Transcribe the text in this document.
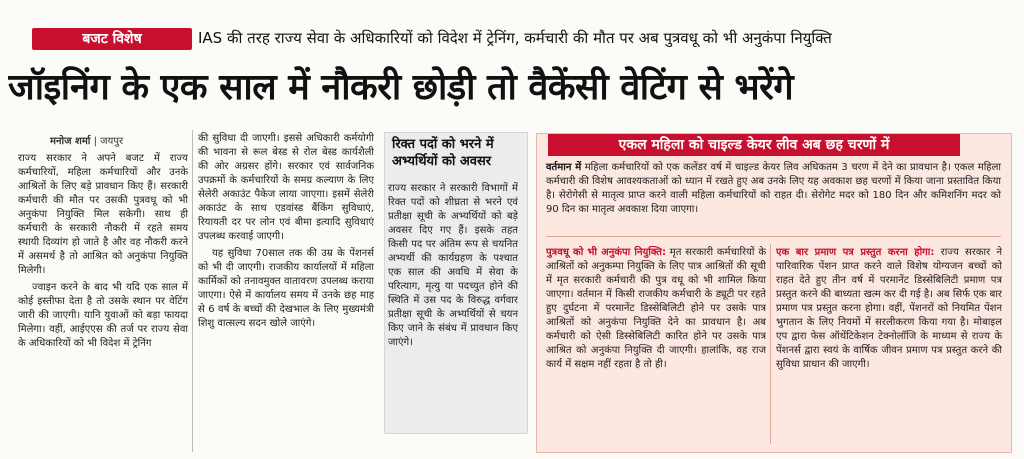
बजट विशेष	IAS की तरह राज्य सेवा के अधिकारियों को विदेश में ट्रेनिंग, कर्मचारी की मौत पर अब पुत्रवधू को भी अनुकंपा नियुक्ति
जॉइनिंग के एक साल में नौकरी छोड़ी तो वैकेंसी वेटिंग से भरेंगे
मनोज शर्मा | जयपुर

राज्य सरकार ने अपने बजट में राज्य कर्मचारियों, महिला कर्मचारियों और उनके आश्रितों के लिए बड़े प्रावधान किए हैं। सरकारी कर्मचारी की मौत पर उसकी पुत्रवधू को भी अनुकंपा नियुक्ति मिल सकेगी। साथ ही कर्मचारी के सरकारी नौकरी में रहते समय स्थायी दिव्यांग हो जाते है और वह नौकरी करने में असमर्थ है तो आश्रित को अनुकंपा नियुक्ति मिलेगी।

ज्वाइन करने के बाद भी यदि एक साल में कोई इस्तीफा देता है तो उसके स्थान पर वेटिंग जारी की जाएगी। यानि युवाओं को बड़ा फायदा मिलेगा। वहीं, आईएएस की तर्ज पर राज्य सेवा के अधिकारियों को भी विदेश में ट्रेनिंग

की सुविधा दी जाएगी। इससे अधिकारी कर्मयोगी की भावना से रूल बेस्ड से रोल बेस्ड कार्यशैली की ओर अग्रसर होंगे। सरकार एवं सार्वजनिक उपक्रमों के कर्मचारियों के समग्र कल्याण के लिए सेलेरी अकाउंट पैकेज लाया जाएगा। इसमें सेलेरी अकाउंट के साथ एडवांस्ड बैंकिंग सुविधाएं, रियायती दर पर लोन एवं बीमा इत्यादि सुविधाएं उपलब्ध करवाई जाएगी।

यह सुविधा 70साल तक की उम्र के पेंशनर्स को भी दी जाएगी। राजकीय कार्यालयों में महिला कार्मिकों को तनावमुक्त वातावरण उपलब्ध कराया जाएगा। ऐसे में कार्यालय समय में उनके छह माह से 6 वर्ष के बच्चों की देखभाल के लिए मुख्यमंत्री शिशु वात्सल्य सदन खोले जाएंगे।

रिक्त पदों को भरने में अभ्यर्थियों को अवसर

राज्य सरकार ने सरकारी विभागों में रिक्त पदों को शीघ्रता से भरने एवं प्रतीक्षा सूची के अभ्यर्थियों को बड़े अवसर दिए गए हैं। इसके तहत किसी पद पर अंतिम रूप से चयनित अभ्यर्थी की कार्यग्रहण के पश्चात एक साल की अवधि में सेवा के परित्याग, मृत्यु या पदच्युत होने की स्थिति में उस पद के विरुद्ध वर्गवार प्रतीक्षा सूची के अभ्यर्थियों से चयन किए जाने के संबंध में प्रावधान किए जाएंगे।

एकल महिला को चाइल्ड केयर लीव अब छह चरणों में
वर्तमान में महिला कर्मचारियों को एक कलेंडर वर्ष में चाइल्ड केयर लिव अधिकतम 3 चरण में देने का प्रावधान है। एकल महिला कर्मचारी की विशेष आवश्यकताओं को ध्यान में रखते हुए अब उनके लिए यह अवकाश छह चरणों में किया जाना प्रस्तावित किया है। सेरोगेसी से मातृत्व प्राप्त करने वाली महिला कर्मचारियों को राहत दी। सेरोगेट मदर को 180 दिन और कमिशनिंग मदर को 90 दिन का मातृत्व अवकाश दिया जाएगा।
पुत्रवधू को भी अनुकंपा नियुक्ति: मृत सरकारी कर्मचारियों के आश्रितों को अनुकम्पा नियुक्ति के लिए पात्र आश्रितों की सूची में मृत सरकारी कर्मचारी की पुत्र वधू को भी शामिल किया जाएगा। वर्तमान में किसी राजकीय कर्मचारी के ड्यूटी पर रहते हुए दुर्घटना में परमानेंट डिस्सेबिलिटी होने पर उसके पात्र आश्रितों को अनुकंपा नियुक्ति देने का प्रावधान है। अब कर्मचारी को ऐसी डिस्सेबिलिटी कारित होने पर उसके पात्र आश्रित को अनुकंपा नियुक्ति दी जाएगी। हालांकि, वह राज कार्य में सक्षम नहीं रहता है तो ही।
एक बार प्रमाण पत्र प्रस्तुत करना होगा: राज्य सरकार ने पारिवारिक पेंशन प्राप्त करने वाले विशेष योग्यजन बच्चों को राहत देते हुए तीन वर्ष में परमानेंट डिस्सेबिलिटी प्रमाण पत्र प्रस्तुत करने की बाध्यता खत्म कर दी गई है। अब सिर्फ एक बार प्रमाण पत्र प्रस्तुत करना होगा। वहीं, पेंशनरों को नियमित पेंशन भुगतान के लिए नियमों में सरलीकरण किया गया है। मोबाइल एप द्वारा फेस ऑथेंटिकेशन टेक्नोलॉजि के माध्यम से राज्य के पेंशनर्स द्वारा स्वयं के वार्षिक जीवन प्रमाण पत्र प्रस्तुत करने की सुविधा प्राधान की जाएगी।
